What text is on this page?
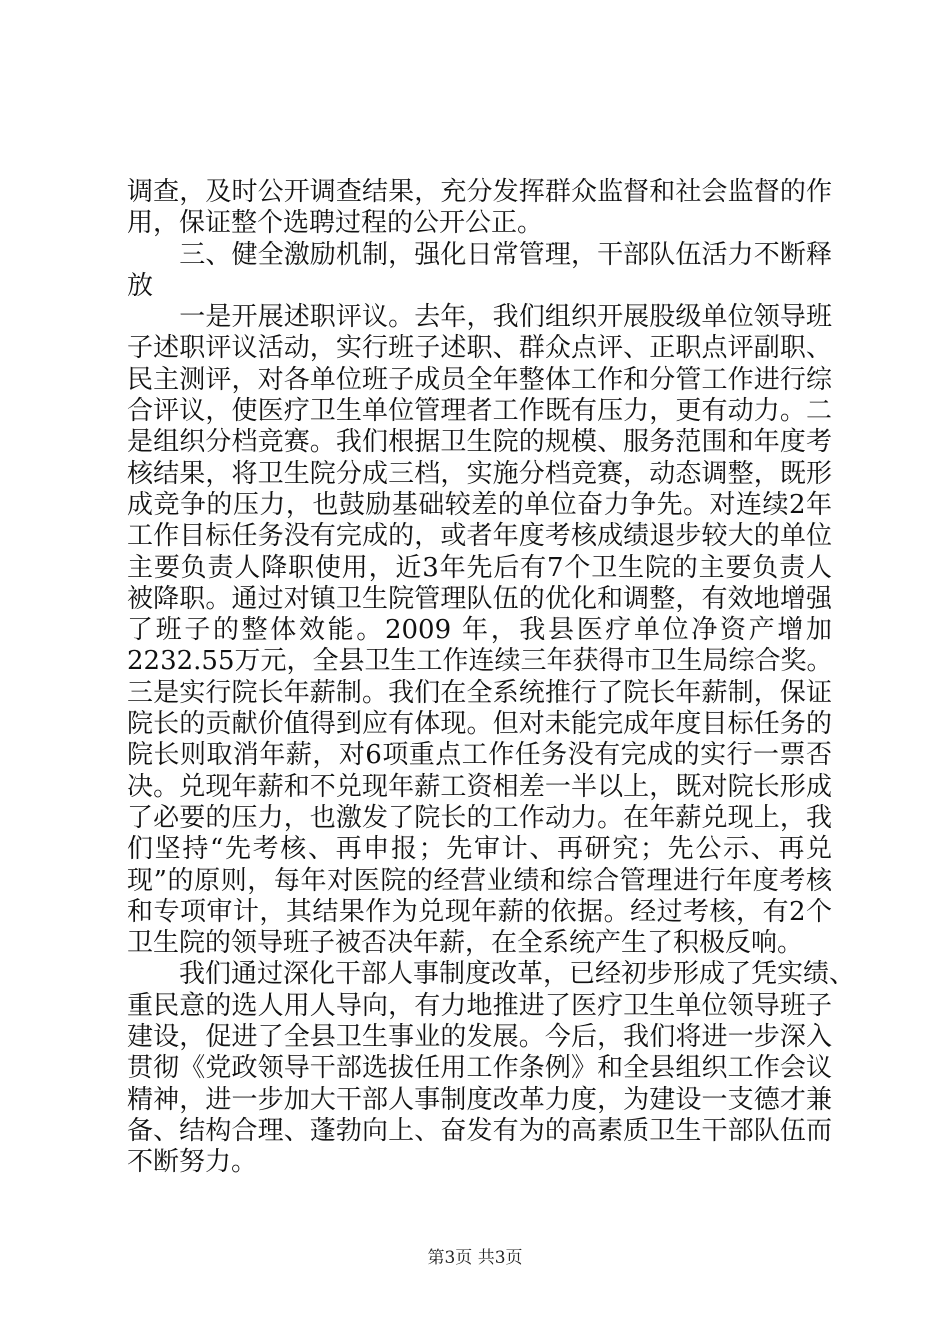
调查，及时公开调查结果，充分发挥群众监督和社会监督的作
用，保证整个选聘过程的公开公正。
　　三、健全激励机制，强化日常管理，干部队伍活力不断释
放
　　一是开展述职评议。去年，我们组织开展股级单位领导班
子述职评议活动，实行班子述职、群众点评、正职点评副职、
民主测评，对各单位班子成员全年整体工作和分管工作进行综
合评议，使医疗卫生单位管理者工作既有压力，更有动力。二
是组织分档竞赛。我们根据卫生院的规模、服务范围和年度考
核结果，将卫生院分成三档，实施分档竞赛，动态调整，既形
成竞争的压力，也鼓励基础较差的单位奋力争先。对连续2年
工作目标任务没有完成的，或者年度考核成绩退步较大的单位
主要负责人降职使用，近3年先后有7个卫生院的主要负责人
被降职。通过对镇卫生院管理队伍的优化和调整，有效地增强
了班子的整体效能。2009 年，我县医疗单位净资产增加
2232.55万元，全县卫生工作连续三年获得市卫生局综合奖。
三是实行院长年薪制。我们在全系统推行了院长年薪制，保证
院长的贡献价值得到应有体现。但对未能完成年度目标任务的
院长则取消年薪，对6项重点工作任务没有完成的实行一票否
决。兑现年薪和不兑现年薪工资相差一半以上，既对院长形成
了必要的压力，也激发了院长的工作动力。在年薪兑现上，我
们坚持“先考核、再申报；先审计、再研究；先公示、再兑
现”的原则，每年对医院的经营业绩和综合管理进行年度考核
和专项审计，其结果作为兑现年薪的依据。经过考核，有2个
卫生院的领导班子被否决年薪，在全系统产生了积极反响。
　　我们通过深化干部人事制度改革，已经初步形成了凭实绩、
重民意的选人用人导向，有力地推进了医疗卫生单位领导班子
建设，促进了全县卫生事业的发展。今后，我们将进一步深入
贯彻《党政领导干部选拔任用工作条例》和全县组织工作会议
精神，进一步加大干部人事制度改革力度，为建设一支德才兼
备、结构合理、蓬勃向上、奋发有为的高素质卫生干部队伍而
不断努力。
第3页 共3页
